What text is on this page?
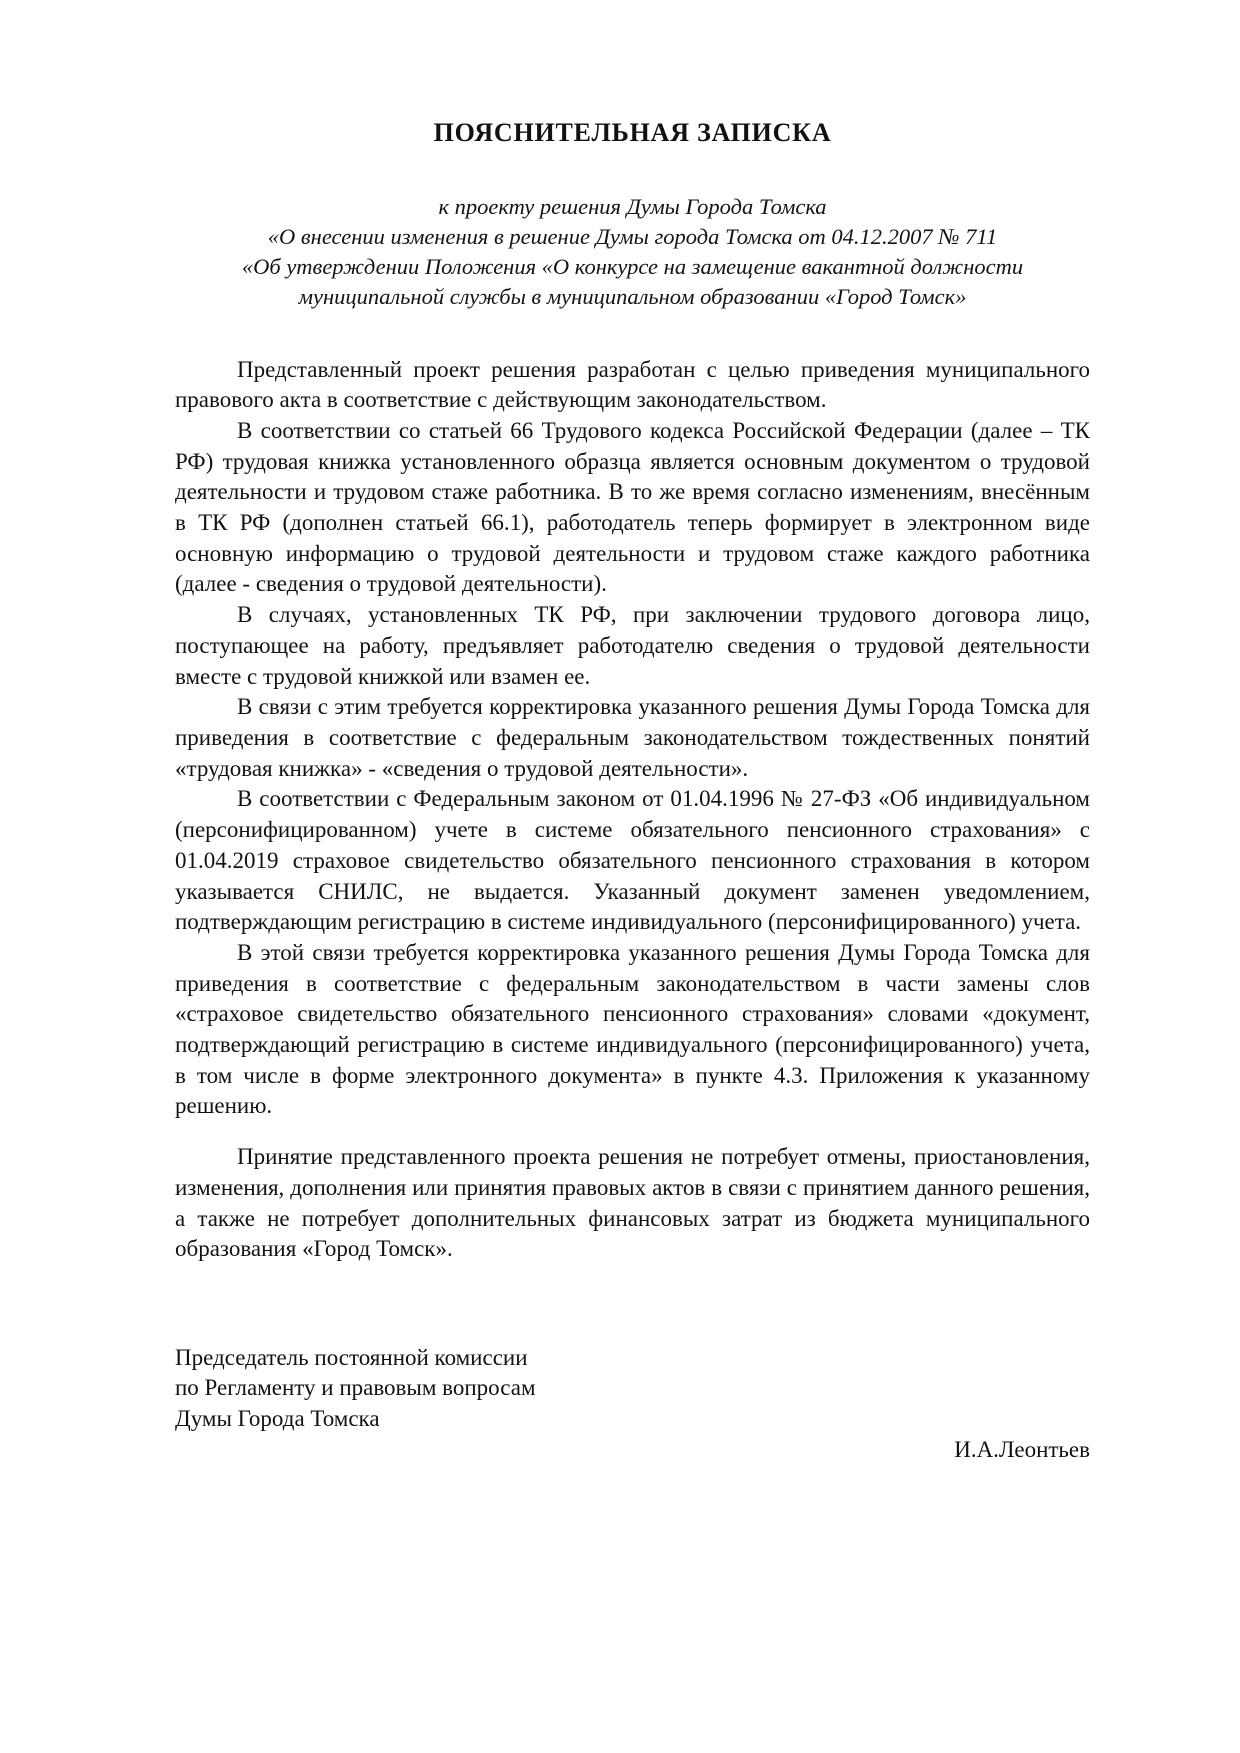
ПОЯСНИТЕЛЬНАЯ ЗАПИСКА
к проекту решения Думы Города Томска
«О внесении изменения в решение Думы города Томска от 04.12.2007 № 711
«Об утверждении Положения «О конкурсе на замещение вакантной должности
муниципальной службы в муниципальном образовании «Город Томск»

Представленный проект решения разработан с целью приведения муниципального правового акта в соответствие с действующим законодательством.

В соответствии со статьей 66 Трудового кодекса Российской Федерации (далее – ТК РФ) трудовая книжка установленного образца является основным документом о трудовой деятельности и трудовом стаже работника. В то же время согласно изменениям, внесённым в ТК РФ (дополнен статьей 66.1), работодатель теперь формирует в электронном виде основную информацию о трудовой деятельности и трудовом стаже каждого работника (далее - сведения о трудовой деятельности).

В случаях, установленных ТК РФ, при заключении трудового договора лицо, поступающее на работу, предъявляет работодателю сведения о трудовой деятельности вместе с трудовой книжкой или взамен ее.

В связи с этим требуется корректировка указанного решения Думы Города Томска для приведения в соответствие с федеральным законодательством тождественных понятий «трудовая книжка» - «сведения о трудовой деятельности».

В соответствии с Федеральным законом от 01.04.1996 № 27-ФЗ «Об индивидуальном (персонифицированном) учете в системе обязательного пенсионного страхования» с 01.04.2019 страховое свидетельство обязательного пенсионного страхования в котором указывается СНИЛС, не выдается. Указанный документ заменен уведомлением, подтверждающим регистрацию в системе индивидуального (персонифицированного) учета.

В этой связи требуется корректировка указанного решения Думы Города Томска для приведения в соответствие с федеральным законодательством в части замены слов «страховое свидетельство обязательного пенсионного страхования» словами «документ, подтверждающий регистрацию в системе индивидуального (персонифицированного) учета, в том числе в форме электронного документа» в пункте 4.3. Приложения к указанному решению.

Принятие представленного проекта решения не потребует отмены, приостановления, изменения, дополнения или принятия правовых актов в связи с принятием данного решения, а также не потребует дополнительных финансовых затрат из бюджета муниципального образования «Город Томск».

Председатель постоянной комиссии
по Регламенту и правовым вопросам
Думы Города Томска
И.А.Леонтьев
